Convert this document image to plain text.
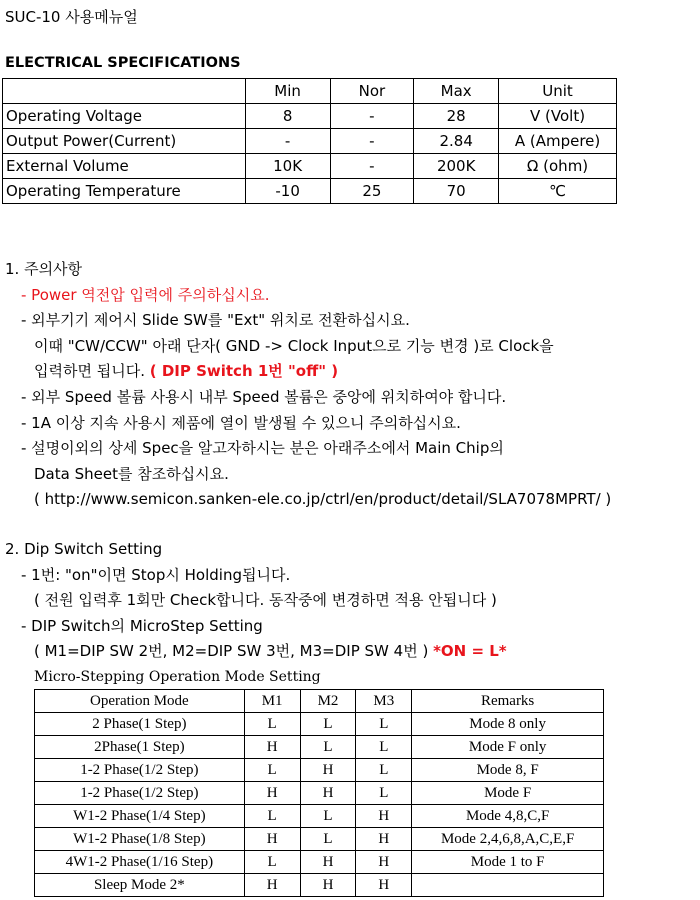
SUC-10 사용메뉴얼
ELECTRICAL SPECIFICATIONS
	Min	Nor	Max	Unit
Operating Voltage	8	-	28	V (Volt)
Output Power(Current)	-	-	2.84	A (Ampere)
External Volume	10K	-	200K	Ω (ohm)
Operating Temperature	-10	25	70	℃
1. 주의사항
- Power 역전압 입력에 주의하십시요.
- 외부기기 제어시 Slide SW를 "Ext" 위치로 전환하십시요.
이때 "CW/CCW" 아래 단자( GND -> Clock Input으로 기능 변경 )로 Clock을
입력하면 됩니다. ( DIP Switch 1번 "off" )
- 외부 Speed 볼륨 사용시 내부 Speed 볼륨은 중앙에 위치하여야 합니다.
- 1A 이상 지속 사용시 제품에 열이 발생될 수 있으니 주의하십시요.
- 설명이외의 상세 Spec을 알고자하시는 분은 아래주소에서 Main Chip의
Data Sheet를 참조하십시요.
( http://www.semicon.sanken-ele.co.jp/ctrl/en/product/detail/SLA7078MPRT/ )
2. Dip Switch Setting
- 1번: "on"이면 Stop시 Holding됩니다.
( 전원 입력후 1회만 Check합니다. 동작중에 변경하면 적용 안됩니다 )
- DIP Switch의 MicroStep Setting
( M1=DIP SW 2번, M2=DIP SW 3번, M3=DIP SW 4번 ) *ON = L*
Micro-Stepping Operation Mode Setting
Operation Mode	M1	M2	M3	Remarks
2 Phase(1 Step)	L	L	L	Mode 8 only
2Phase(1 Step)	H	L	L	Mode F only
1-2 Phase(1/2 Step)	L	H	L	Mode 8, F
1-2 Phase(1/2 Step)	H	H	L	Mode F
W1-2 Phase(1/4 Step)	L	L	H	Mode 4,8,C,F
W1-2 Phase(1/8 Step)	H	L	H	Mode 2,4,6,8,A,C,E,F
4W1-2 Phase(1/16 Step)	L	H	H	Mode 1 to F
Sleep Mode 2*	H	H	H	
